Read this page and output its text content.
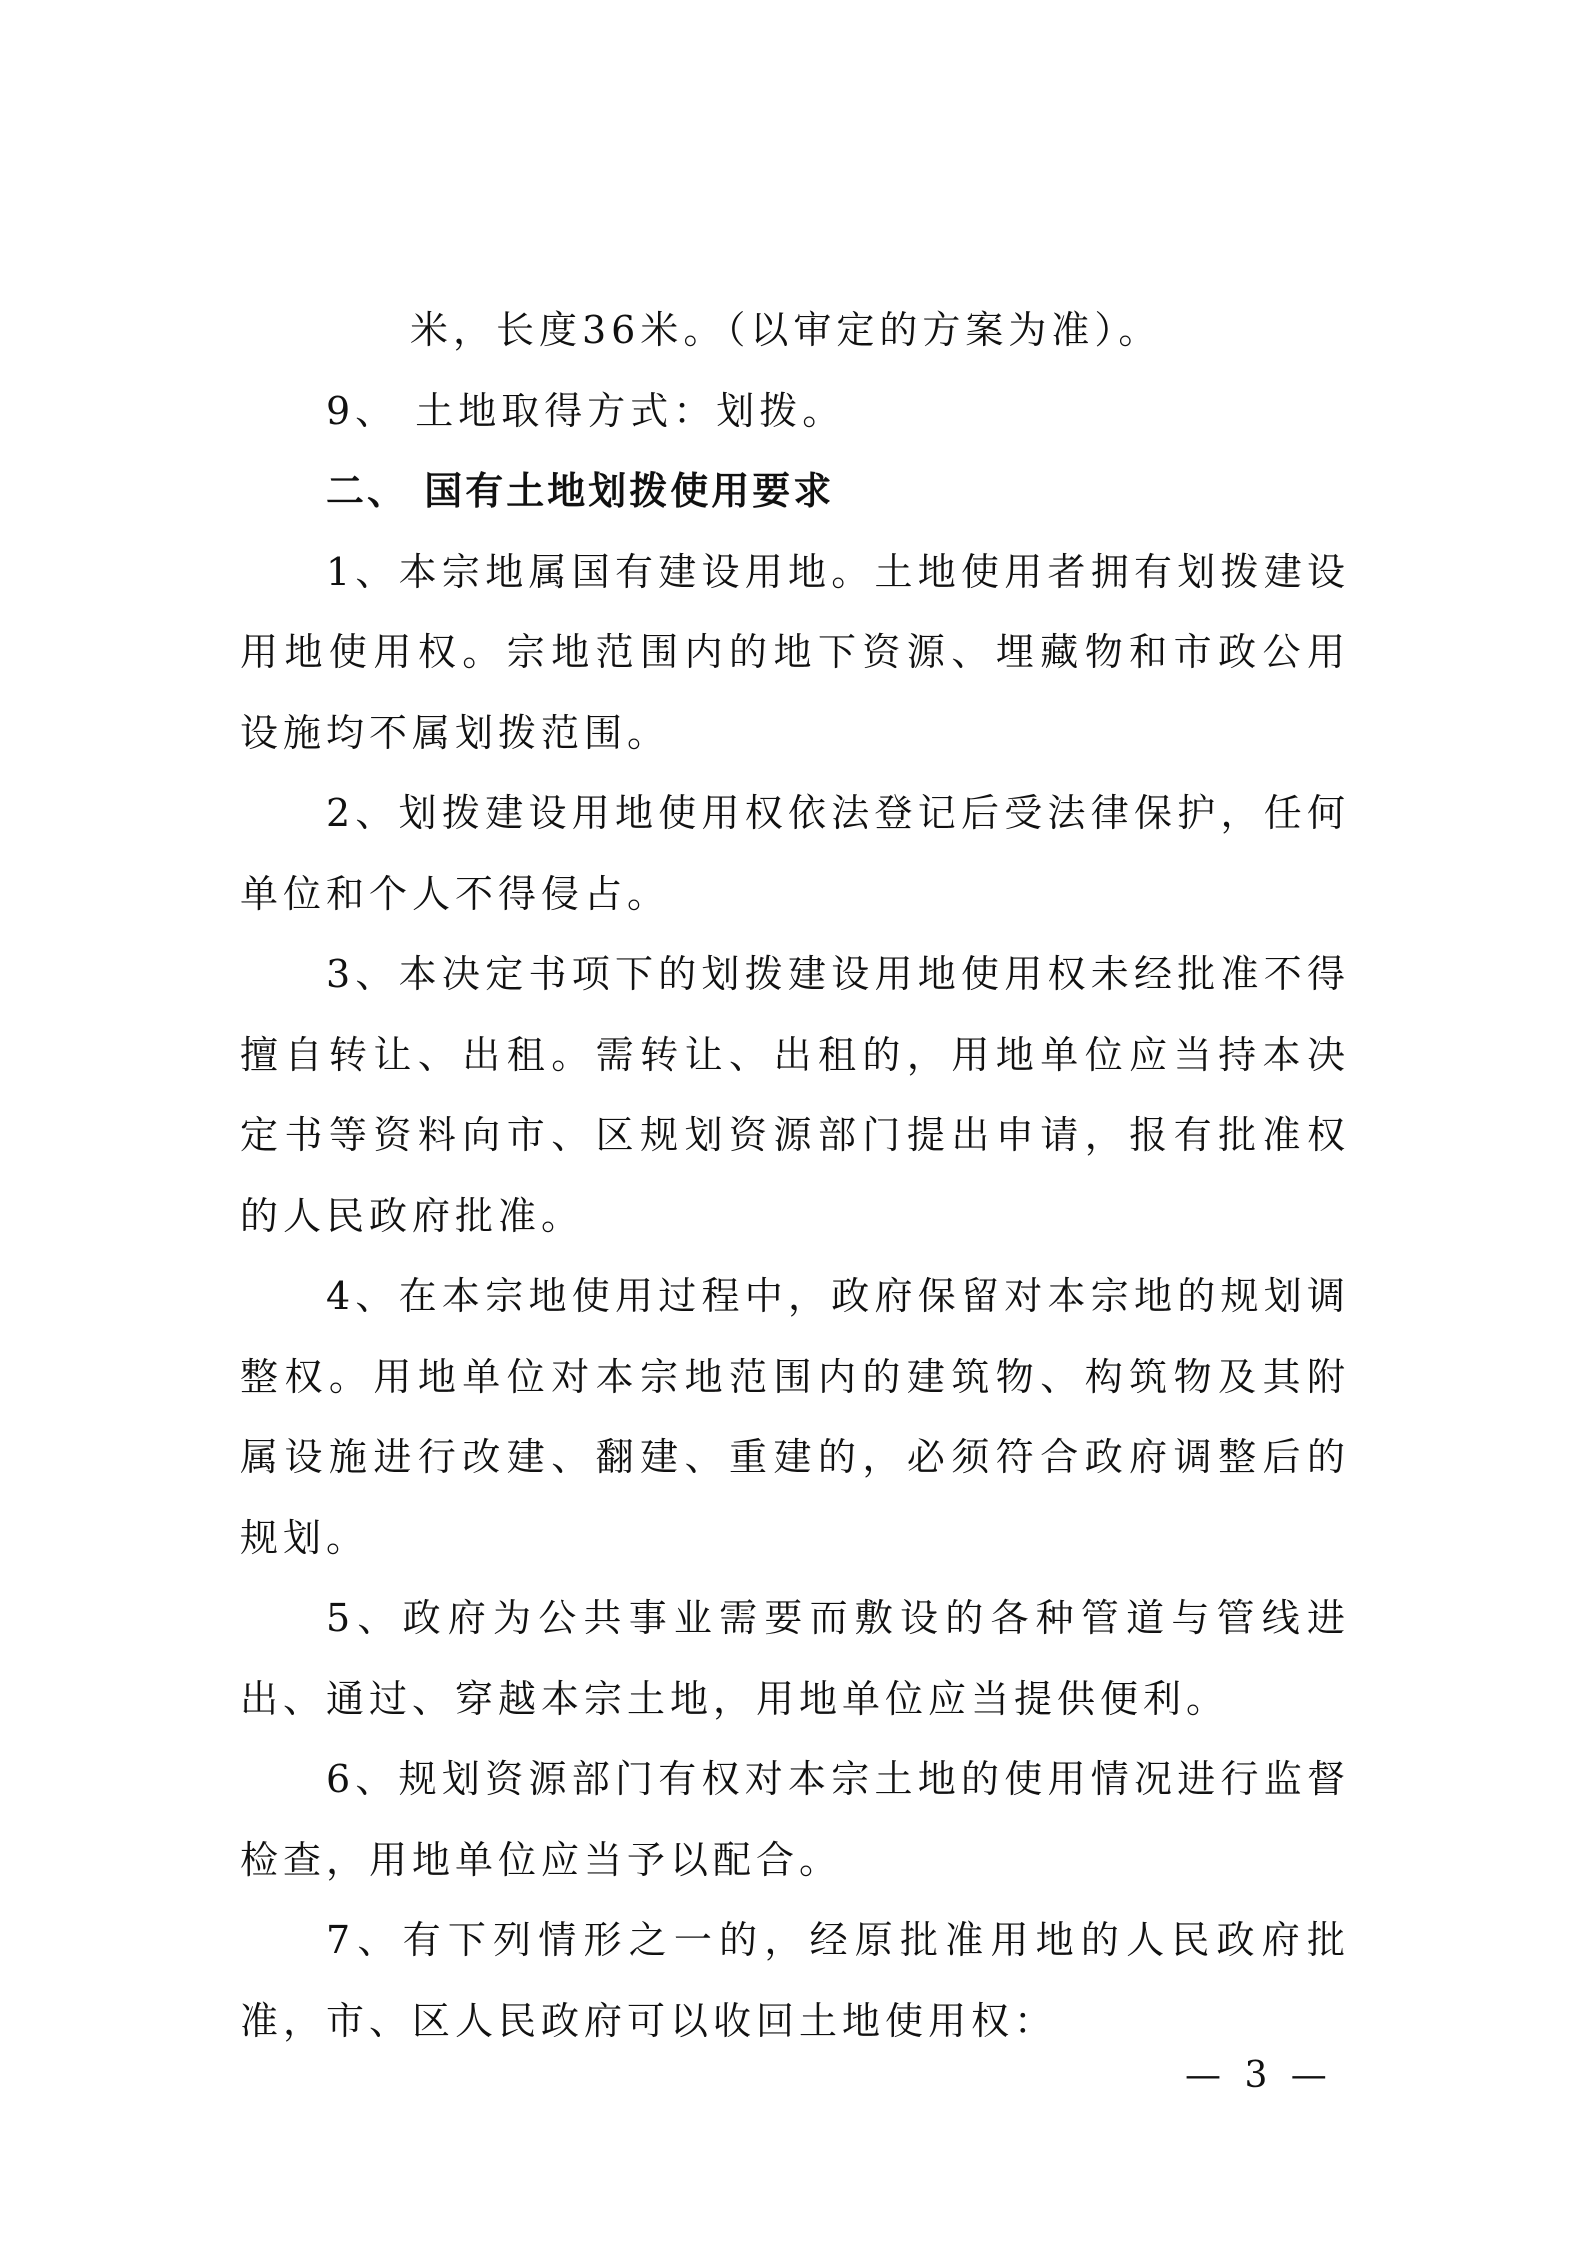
米，长度36米。（以审定的方案为准）。

9、 土地取得方式：划拨。

二、 国有土地划拨使用要求

1、本宗地属国有建设用地。土地使用者拥有划拨建设用地使用权。宗地范围内的地下资源、埋藏物和市政公用设施均不属划拨范围。

2、划拨建设用地使用权依法登记后受法律保护，任何单位和个人不得侵占。

3、本决定书项下的划拨建设用地使用权未经批准不得擅自转让、出租。需转让、出租的，用地单位应当持本决定书等资料向市、区规划资源部门提出申请，报有批准权的人民政府批准。

4、在本宗地使用过程中，政府保留对本宗地的规划调整权。用地单位对本宗地范围内的建筑物、构筑物及其附属设施进行改建、翻建、重建的，必须符合政府调整后的规划。

5、政府为公共事业需要而敷设的各种管道与管线进出、通过、穿越本宗土地，用地单位应当提供便利。

6、规划资源部门有权对本宗土地的使用情况进行监督检查，用地单位应当予以配合。

7、有下列情形之一的，经原批准用地的人民政府批准，市、区人民政府可以收回土地使用权：

— 3 —
